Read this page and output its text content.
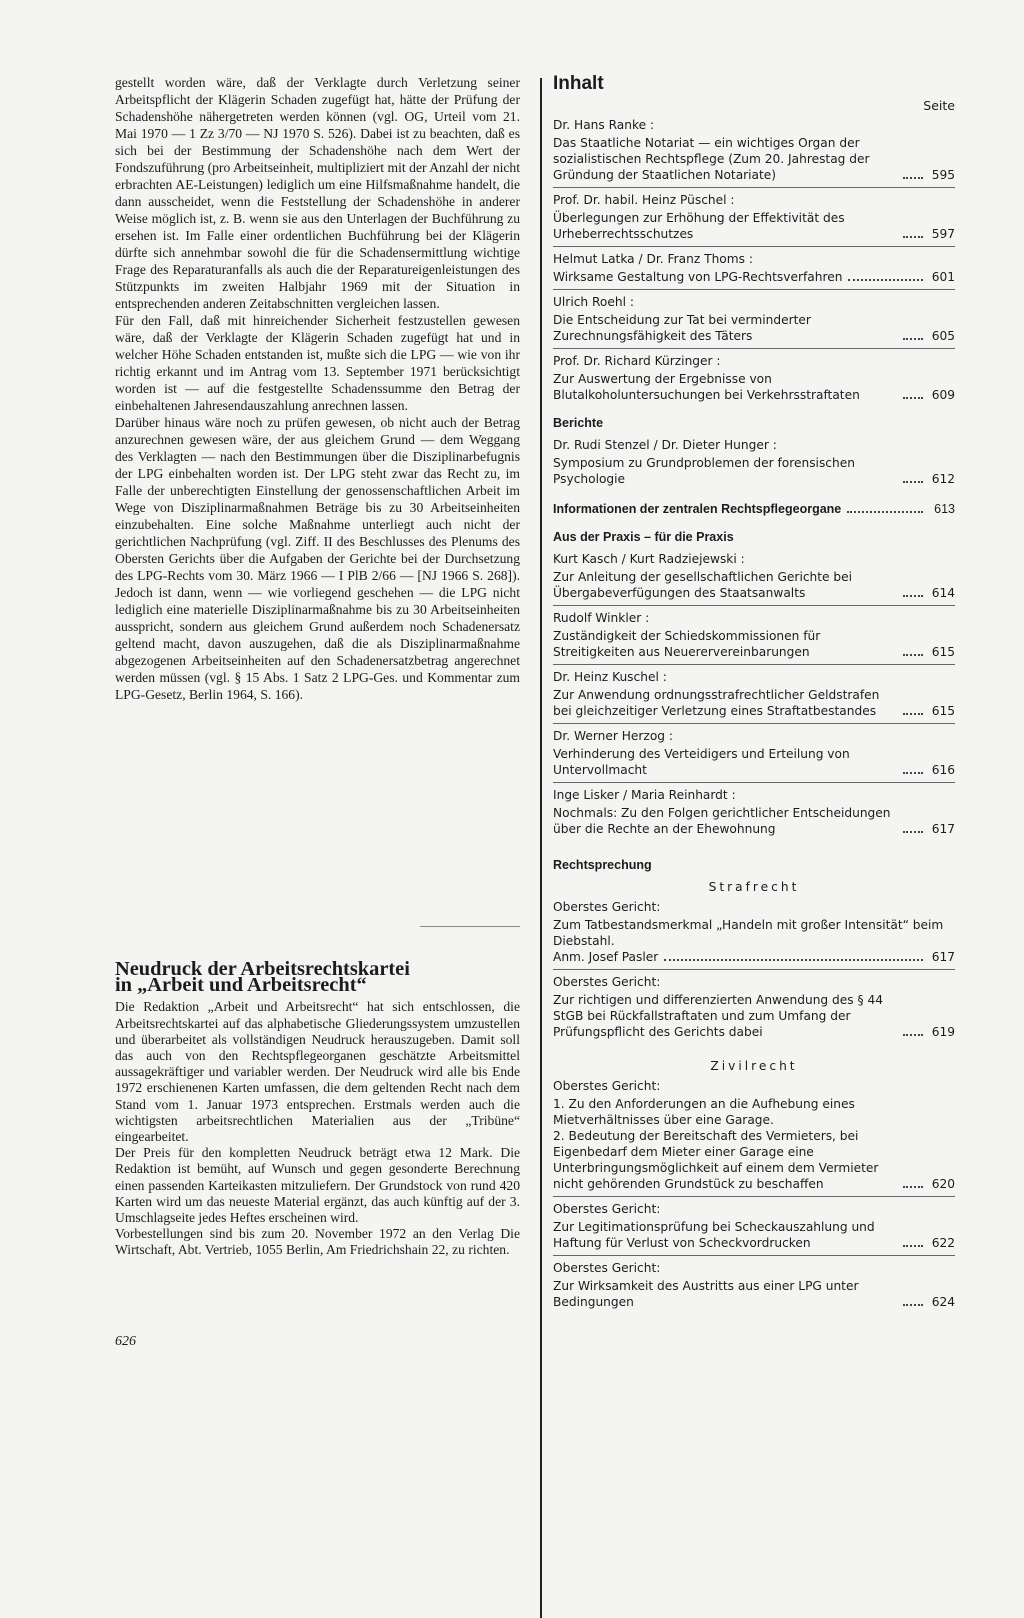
gestellt worden wäre, daß der Verklagte durch Verletzung seiner Arbeitspflicht der Klägerin Schaden zugefügt hat, hätte der Prüfung der Schadenshöhe nähergetreten werden können (vgl. OG, Urteil vom 21. Mai 1970 — 1 Zz 3/70 — NJ 1970 S. 526). Dabei ist zu beachten, daß es sich bei der Bestimmung der Schadenshöhe nach dem Wert der Fondszuführung (pro Arbeitseinheit, multipliziert mit der Anzahl der nicht erbrachten AE-Leistungen) lediglich um eine Hilfsmaßnahme handelt, die dann ausscheidet, wenn die Feststellung der Schadenshöhe in anderer Weise möglich ist, z. B. wenn sie aus den Unterlagen der Buchführung zu ersehen ist. Im Falle einer ordentlichen Buchführung bei der Klägerin dürfte sich annehmbar sowohl die für die Schadensermittlung wichtige Frage des Reparaturanfalls als auch die der Reparatureigenleistungen des Stützpunkts im zweiten Halbjahr 1969 mit der Situation in entsprechenden anderen Zeitabschnitten vergleichen lassen.

Für den Fall, daß mit hinreichender Sicherheit festzustellen gewesen wäre, daß der Verklagte der Klägerin Schaden zugefügt hat und in welcher Höhe Schaden entstanden ist, mußte sich die LPG — wie von ihr richtig erkannt und im Antrag vom 13. September 1971 berücksichtigt worden ist — auf die festgestellte Schadenssumme den Betrag der einbehaltenen Jahresendauszahlung anrechnen lassen.

Darüber hinaus wäre noch zu prüfen gewesen, ob nicht auch der Betrag anzurechnen gewesen wäre, der aus gleichem Grund — dem Weggang des Verklagten — nach den Bestimmungen über die Disziplinarbefugnis der LPG einbehalten worden ist. Der LPG steht zwar das Recht zu, im Falle der unberechtigten Einstellung der genossenschaftlichen Arbeit im Wege von Disziplinarmaßnahmen Beträge bis zu 30 Arbeitseinheiten einzubehalten. Eine solche Maßnahme unterliegt auch nicht der gerichtlichen Nachprüfung (vgl. Ziff. II des Beschlusses des Plenums des Obersten Gerichts über die Aufgaben der Gerichte bei der Durchsetzung des LPG-Rechts vom 30. März 1966 — I PlB 2/66 — [NJ 1966 S. 268]). Jedoch ist dann, wenn — wie vorliegend geschehen — die LPG nicht lediglich eine materielle Disziplinarmaßnahme bis zu 30 Arbeitseinheiten ausspricht, sondern aus gleichem Grund außerdem noch Schadenersatz geltend macht, davon auszugehen, daß die als Disziplinarmaßnahme abgezogenen Arbeitseinheiten auf den Schadenersatzbetrag angerechnet werden müssen (vgl. § 15 Abs. 1 Satz 2 LPG-Ges. und Kommentar zum LPG-Gesetz, Berlin 1964, S. 166).

Neudruck der Arbeitsrechtskartei
in „Arbeit und Arbeitsrecht“

Die Redaktion „Arbeit und Arbeitsrecht“ hat sich entschlossen, die Arbeitsrechtskartei auf das alphabetische Gliederungssystem umzustellen und überarbeitet als vollständigen Neudruck herauszugeben. Damit soll das auch von den Rechtspflegeorganen geschätzte Arbeitsmittel aussagekräftiger und variabler werden. Der Neudruck wird alle bis Ende 1972 erschienenen Karten umfassen, die dem geltenden Recht nach dem Stand vom 1. Januar 1973 entsprechen. Erstmals werden auch die wichtigsten arbeitsrechtlichen Materialien aus der „Tribüne“ eingearbeitet.

Der Preis für den kompletten Neudruck beträgt etwa 12 Mark. Die Redaktion ist bemüht, auf Wunsch und gegen gesonderte Berechnung einen passenden Karteikasten mitzuliefern. Der Grundstock von rund 420 Karten wird um das neueste Material ergänzt, das auch künftig auf der 3. Umschlagseite jedes Heftes erscheinen wird.

Vorbestellungen sind bis zum 20. November 1972 an den Verlag Die Wirtschaft, Abt. Vertrieb, 1055 Berlin, Am Friedrichshain 22, zu richten.

626
Inhalt
Seite
Dr. Hans Ranke :
Das Staatliche Notariat — ein wichtiges Organ der sozialistischen Rechtspflege (Zum 20. Jahrestag der Gründung der Staatlichen Notariate)	595
Prof. Dr. habil. Heinz Püschel :
Überlegungen zur Erhöhung der Effektivität des Urheberrechtsschutzes	597
Helmut Latka / Dr. Franz Thoms :
Wirksame Gestaltung von LPG-Rechtsverfahren	601
Ulrich Roehl :
Die Entscheidung zur Tat bei verminderter Zurechnungsfähigkeit des Täters	605
Prof. Dr. Richard Kürzinger :
Zur Auswertung der Ergebnisse von Blutalkoholuntersuchungen bei Verkehrsstraftaten	609
Berichte
Dr. Rudi Stenzel / Dr. Dieter Hunger :
Symposium zu Grundproblemen der forensischen Psychologie	612
Informationen der zentralen Rechtspflegeorgane	613
Aus der Praxis – für die Praxis
Kurt Kasch / Kurt Radziejewski :
Zur Anleitung der gesellschaftlichen Gerichte bei Übergabeverfügungen des Staatsanwalts	614
Rudolf Winkler :
Zuständigkeit der Schiedskommissionen für Streitigkeiten aus Neuerervereinbarungen	615
Dr. Heinz Kuschel :
Zur Anwendung ordnungsstrafrechtlicher Geldstrafen bei gleichzeitiger Verletzung eines Straftatbestandes	615
Dr. Werner Herzog :
Verhinderung des Verteidigers und Erteilung von Untervollmacht	616
Inge Lisker / Maria Reinhardt :
Nochmals: Zu den Folgen gerichtlicher Entscheidungen über die Rechte an der Ehewohnung	617
Rechtsprechung
Strafrecht
Oberstes Gericht:
Zum Tatbestandsmerkmal „Handeln mit großer Intensität“ beim Diebstahl.
Anm. Josef Pasler	617
Oberstes Gericht:
Zur richtigen und differenzierten Anwendung des § 44 StGB bei Rückfallstraftaten und zum Umfang der Prüfungspflicht des Gerichts dabei	619
Zivilrecht
Oberstes Gericht:
1. Zu den Anforderungen an die Aufhebung eines Mietverhältnisses über eine Garage.
2. Bedeutung der Bereitschaft des Vermieters, bei Eigenbedarf dem Mieter einer Garage eine Unterbringungsmöglichkeit auf einem dem Vermieter nicht gehörenden Grundstück zu beschaffen	620
Oberstes Gericht:
Zur Legitimationsprüfung bei Scheckauszahlung und Haftung für Verlust von Scheckvordrucken	622
Oberstes Gericht:
Zur Wirksamkeit des Austritts aus einer LPG unter Bedingungen	624
